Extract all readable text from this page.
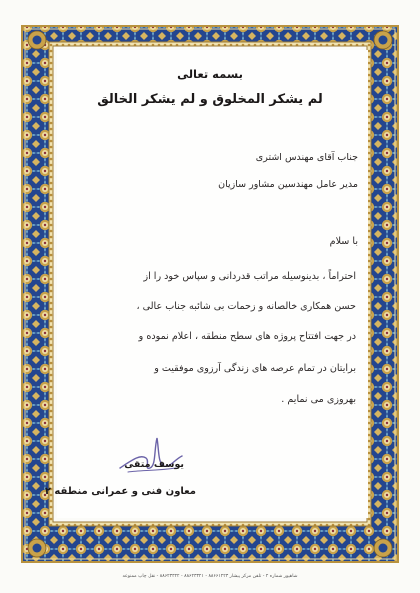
بسمه تعالی
لم یشکر المخلوق و لم یشکر الخالق
جناب آقای مهندس اشتری
مدیر عامل مهندسین مشاور سازیان
با سلام
احتراماً ، بدینوسیله مراتب قدردانی و سپاس خود را از
حسن همکاری خالصانه و زحمات بی شائبه جناب عالی ،
در جهت افتتاح پروژه های سطح منطقه ، اعلام نموده و
برایتان در تمام عرصه های زندگی آرزوی موفقیت و
بهروزی می نمایم .
یوسف متقی
معاون فنی و عمرانی منطقه ۲
شاهپور شماره ۲ - تلفن مرکز پیشار ۸۸۶۶۱۲۲۳ - ۸۸۶۲۳۳۲۱ - ۸۸۶۲۳۳۲۲ - نقل چاپ ممنوعه
